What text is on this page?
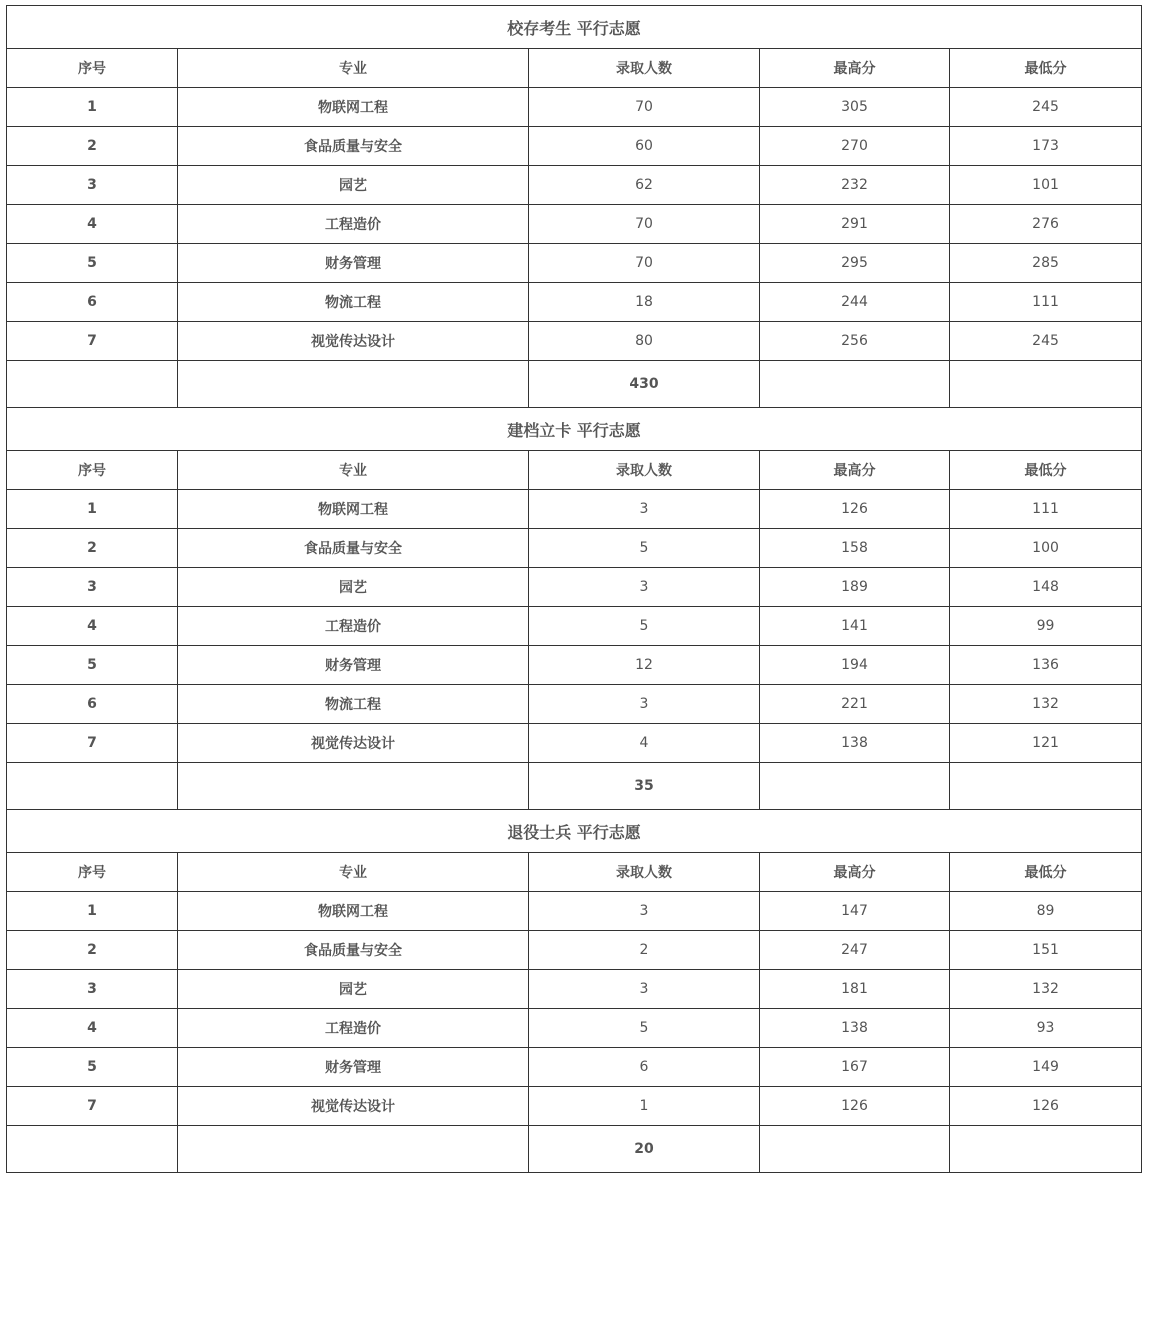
校存考生 平行志愿				
序号	专业	录取人数	最高分	最低分
1	物联网工程	70	305	245
2	食品质量与安全	60	270	173
3	园艺	62	232	101
4	工程造价	70	291	276
5	财务管理	70	295	285
6	物流工程	18	244	111
7	视觉传达设计	80	256	245
		430		
建档立卡 平行志愿				
序号	专业	录取人数	最高分	最低分
1	物联网工程	3	126	111
2	食品质量与安全	5	158	100
3	园艺	3	189	148
4	工程造价	5	141	99
5	财务管理	12	194	136
6	物流工程	3	221	132
7	视觉传达设计	4	138	121
		35		
退役士兵 平行志愿				
序号	专业	录取人数	最高分	最低分
1	物联网工程	3	147	89
2	食品质量与安全	2	247	151
3	园艺	3	181	132
4	工程造价	5	138	93
5	财务管理	6	167	149
7	视觉传达设计	1	126	126
		20		
